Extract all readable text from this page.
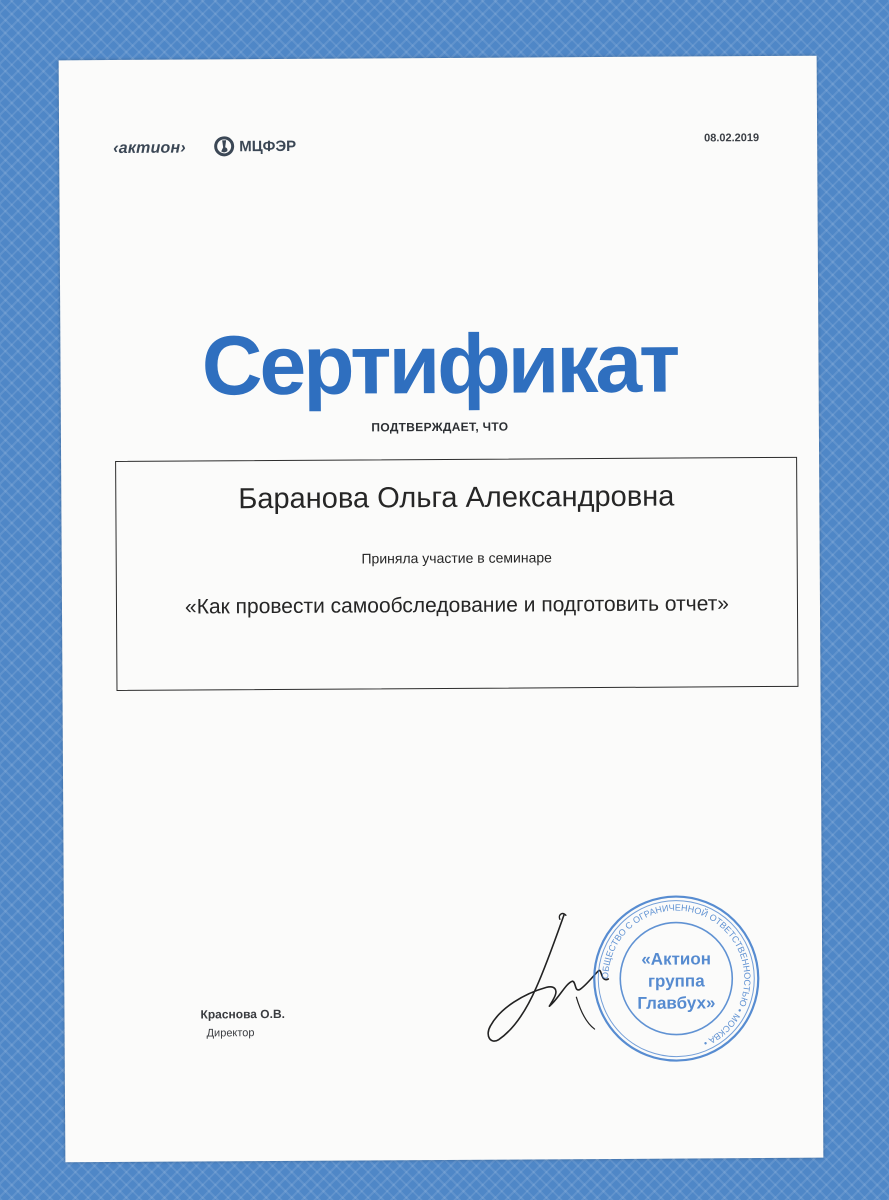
‹актион›	МЦФЭР	08.02.2019
Сертификат
ПОДТВЕРЖДАЕТ, ЧТО
Баранова Ольга Александровна
Приняла участие в семинаре
«Как провести самообследование и подготовить отчет»
Краснова О.В.
Директор
ОБЩЕСТВО С ОГРАНИЧЕННОЙ ОТВЕТСТВЕННОСТЬЮ • МОСКВА •
«Актион
группа
Главбух»
